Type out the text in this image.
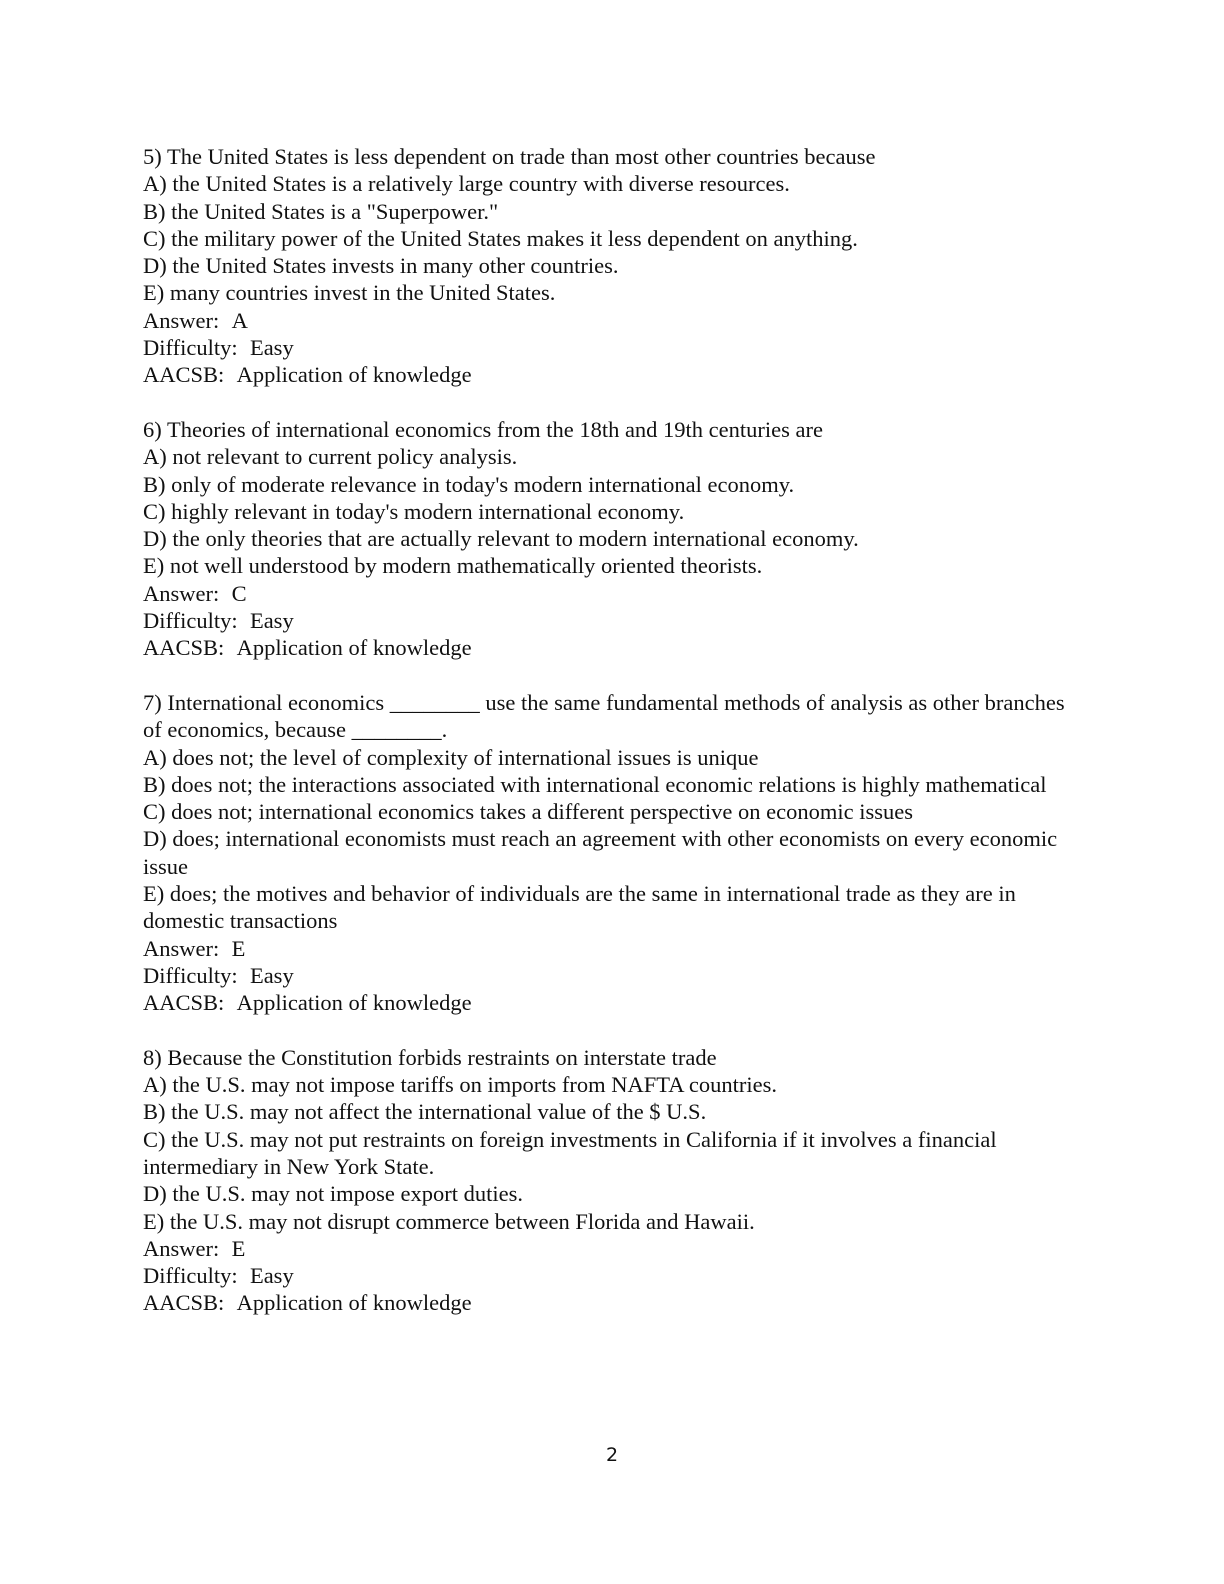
5) The United States is less dependent on trade than most other countries because
A) the United States is a relatively large country with diverse resources.
B) the United States is a "Superpower."
C) the military power of the United States makes it less dependent on anything.
D) the United States invests in many other countries.
E) many countries invest in the United States.
Answer: A
Difficulty: Easy
AACSB: Application of knowledge
6) Theories of international economics from the 18th and 19th centuries are
A) not relevant to current policy analysis.
B) only of moderate relevance in today's modern international economy.
C) highly relevant in today's modern international economy.
D) the only theories that are actually relevant to modern international economy.
E) not well understood by modern mathematically oriented theorists.
Answer: C
Difficulty: Easy
AACSB: Application of knowledge
7) International economics ________ use the same fundamental methods of analysis as other branches of economics, because ________.
A) does not; the level of complexity of international issues is unique
B) does not; the interactions associated with international economic relations is highly mathematical
C) does not; international economics takes a different perspective on economic issues
D) does; international economists must reach an agreement with other economists on every economic issue
E) does; the motives and behavior of individuals are the same in international trade as they are in domestic transactions
Answer: E
Difficulty: Easy
AACSB: Application of knowledge
8) Because the Constitution forbids restraints on interstate trade
A) the U.S. may not impose tariffs on imports from NAFTA countries.
B) the U.S. may not affect the international value of the $ U.S.
C) the U.S. may not put restraints on foreign investments in California if it involves a financial intermediary in New York State.
D) the U.S. may not impose export duties.
E) the U.S. may not disrupt commerce between Florida and Hawaii.
Answer: E
Difficulty: Easy
AACSB: Application of knowledge
2
